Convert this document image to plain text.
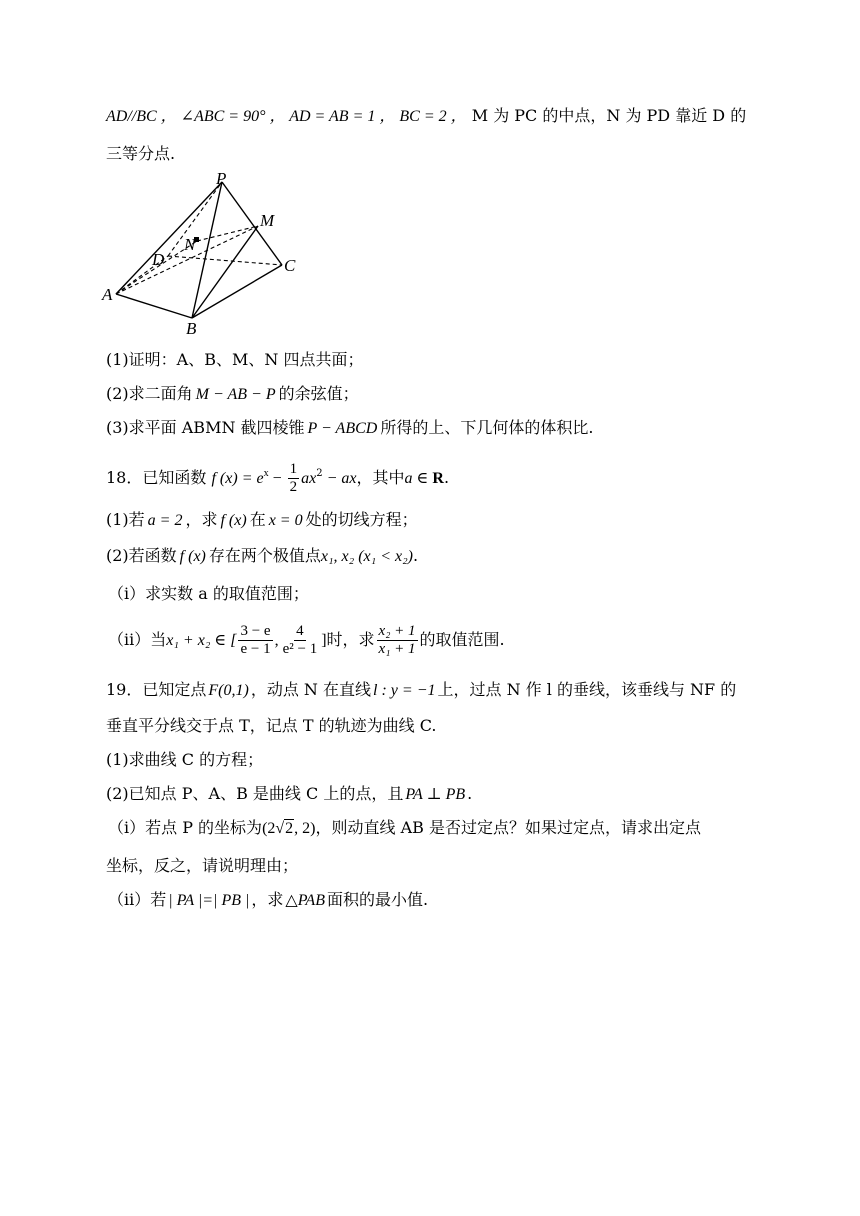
AD//BC ， ∠ABC = 90° ， AD = AB = 1 ， BC = 2 ， M 为 PC 的中点，N 为 PD 靠近 D 的
三等分点.
P
M
N
D	C
A
B
(1)证明：A、B、M、N 四点共面；
(2)求二面角 M − AB − P 的余弦值；
(3)求平面 ABMN 截四棱锥 P − ABCD 所得的上、下几何体的体积比.
18．已知函数 f $(x) = e^x - \frac{1}{2} ax^2$ − ax，其中a ∈ R.
(1)若 a = 2 ，求 f (x) 在 x = 0 处的切线方程；
(2)若函数 f (x) 存在两个极值点x₁, x₂ (x₁ < x₂).
（i）求实数 a 的取值范围；
（ii）当x₁ + x₂ ∈ [ $\frac{3 - e}{e - 1}$ , $\frac{4}{\text{e² − 1}}$ ]时，求 $\frac{\text{x₂ + 1}}{\text{x₁ + 1}}$ 的取值范围.
19．已知定点 F(0,1) ，动点 N 在直线 l : y = −1 上，过点 N 作 l 的垂线，该垂线与 NF 的
垂直平分线交于点 T，记点 T 的轨迹为曲线 C.
(1)求曲线 C 的方程；
(2)已知点 P、A、B 是曲线 C 上的点，且 PA ⊥ PB .
（i）若点 P 的坐标为(2√2, 2)，则动直线 AB 是否过定点？如果过定点，请求出定点
坐标，反之，请说明理由；
（ii）若 | PA |=| PB | ，求 △PAB 面积的最小值.
